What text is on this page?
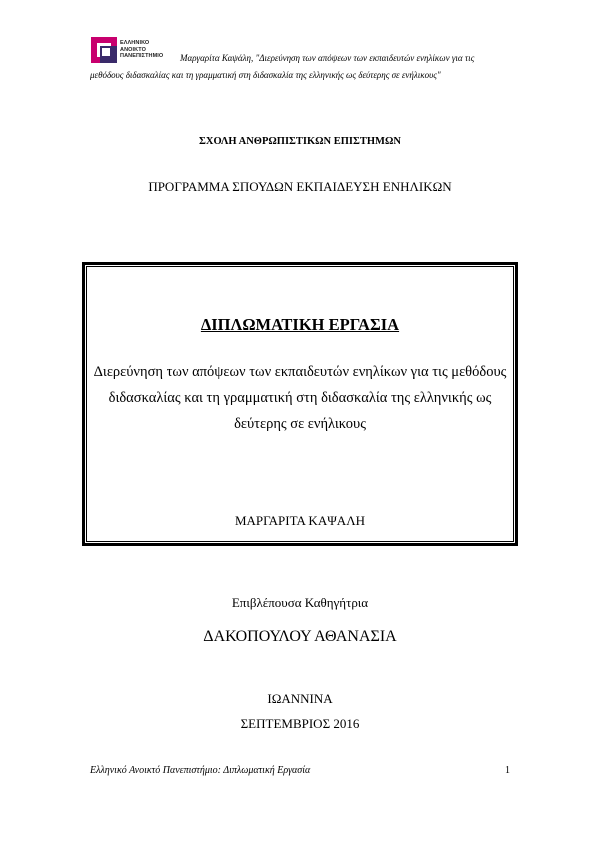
ΕΛΛΗΝΙΚΟ
ΑΝΟΙΚΤΟ
ΠΑΝΕΠΙΣΤΗΜΙΟ Μαργαρίτα Καψάλη, "Διερεύνηση των απόψεων των εκπαιδευτών ενηλίκων για τις
μεθόδους διδασκαλίας και τη γραμματική στη διδασκαλία της ελληνικής ως δεύτερης σε ενήλικους"
ΣΧΟΛΗ ΑΝΘΡΩΠΙΣΤΙΚΩΝ ΕΠΙΣΤΗΜΩΝ
ΠΡΟΓΡΑΜΜΑ ΣΠΟΥΔΩΝ ΕΚΠΑΙΔΕΥΣΗ ΕΝΗΛΙΚΩΝ
ΔΙΠΛΩΜΑΤΙΚΗ ΕΡΓΑΣΙΑ
Διερεύνηση των απόψεων των εκπαιδευτών ενηλίκων για τις μεθόδους διδασκαλίας και τη γραμματική στη διδασκαλία της ελληνικής ως δεύτερης σε ενήλικους
ΜΑΡΓΑΡΙΤΑ ΚΑΨΑΛΗ
Επιβλέπουσα Καθηγήτρια
ΔΑΚΟΠΟΥΛΟΥ ΑΘΑΝΑΣΙΑ
ΙΩΑΝΝΙΝΑ
ΣΕΠΤΕΜΒΡΙΟΣ 2016
Ελληνικό Ανοικτό Πανεπιστήμιο: Διπλωματική Εργασία	1
